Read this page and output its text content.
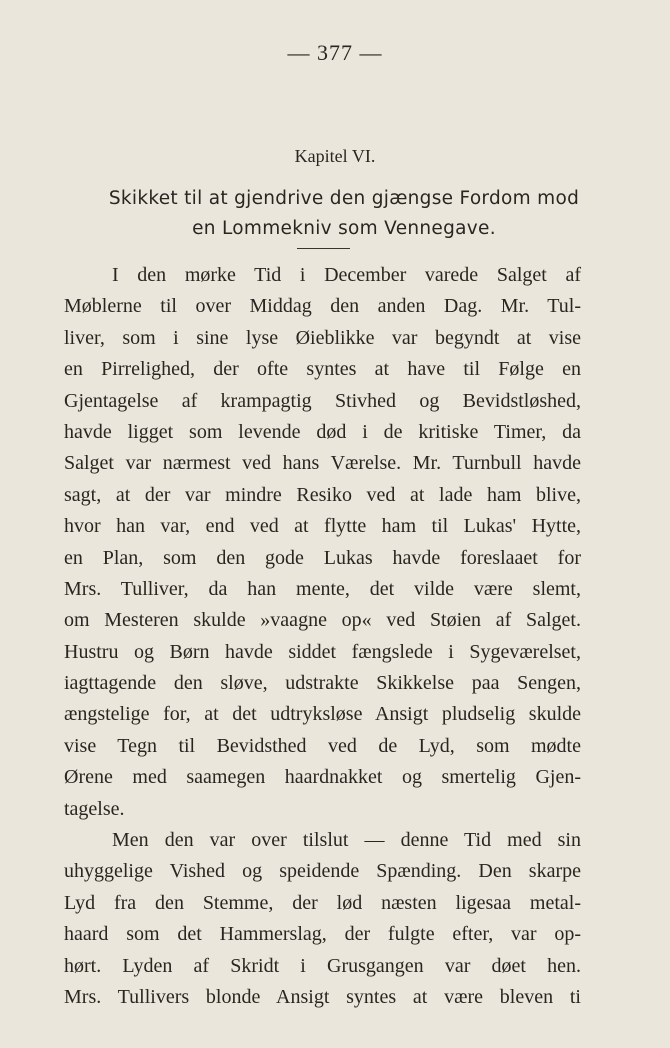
— 377 —
Kapitel VI.
Skikket til at gjendrive den gjængse Fordom mod
en Lommekniv som Vennegave.
I den mørke Tid i December varede Salget af
Møblerne til over Middag den anden Dag. Mr. Tul-
liver, som i sine lyse Øieblikke var begyndt at vise
en Pirrelighed, der ofte syntes at have til Følge en
Gjentagelse af krampagtig Stivhed og Bevidstløshed,
havde ligget som levende død i de kritiske Timer, da
Salget var nærmest ved hans Værelse. Mr. Turnbull havde
sagt, at der var mindre Resiko ved at lade ham blive,
hvor han var, end ved at flytte ham til Lukas' Hytte,
en Plan, som den gode Lukas havde foreslaaet for
Mrs. Tulliver, da han mente, det vilde være slemt,
om Mesteren skulde »vaagne op« ved Støien af Salget.
Hustru og Børn havde siddet fængslede i Sygeværelset,
iagttagende den sløve, udstrakte Skikkelse paa Sengen,
ængstelige for, at det udtryksløse Ansigt pludselig skulde
vise Tegn til Bevidsthed ved de Lyd, som mødte
Ørene med saamegen haardnakket og smertelig Gjen-
tagelse.
Men den var over tilslut — denne Tid med sin
uhyggelige Vished og speidende Spænding. Den skarpe
Lyd fra den Stemme, der lød næsten ligesaa metal-
haard som det Hammerslag, der fulgte efter, var op-
hørt. Lyden af Skridt i Grusgangen var døet hen.
Mrs. Tullivers blonde Ansigt syntes at være bleven ti
